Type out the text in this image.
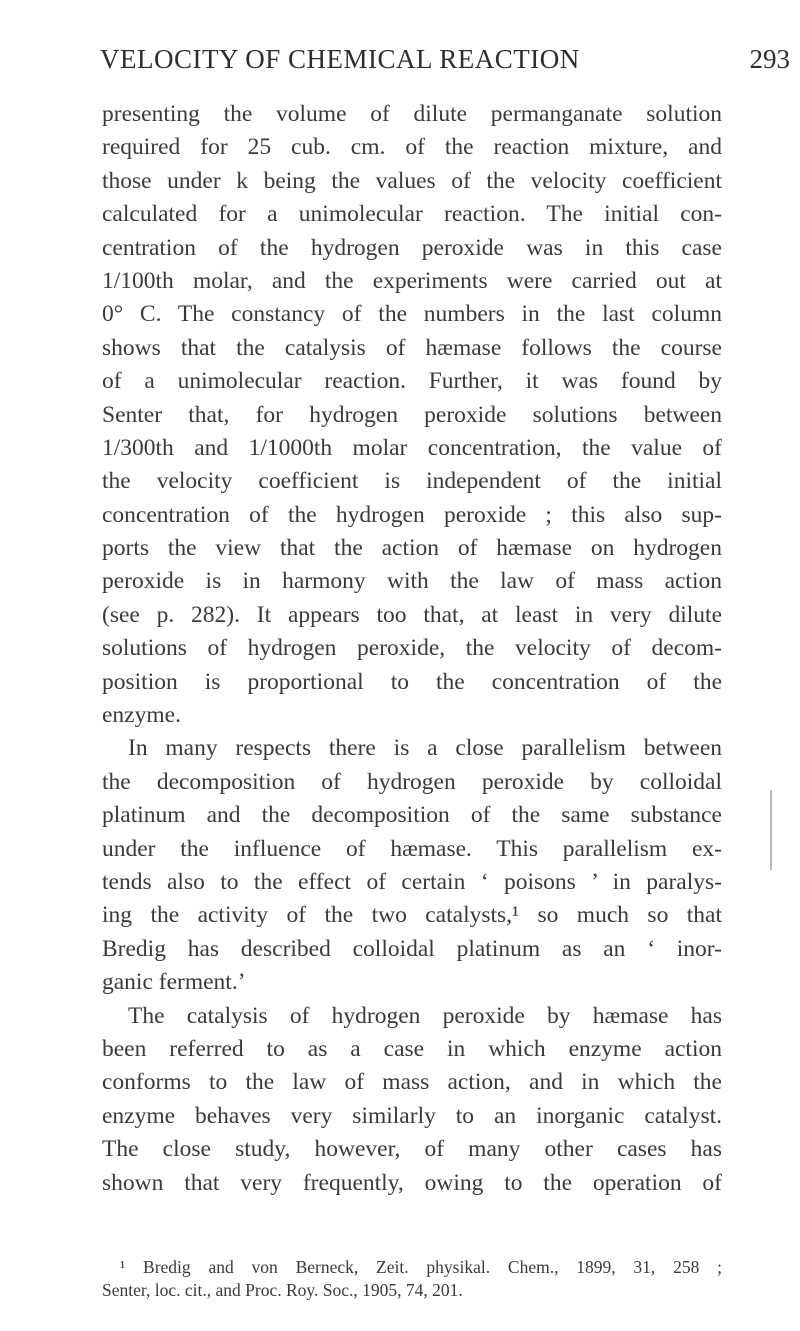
VELOCITY OF CHEMICAL REACTION	293
presenting the volume of dilute permanganate solution
required for 25 cub. cm. of the reaction mixture, and
those under k being the values of the velocity coefficient
calculated for a unimolecular reaction. The initial con-
centration of the hydrogen peroxide was in this case
1/100th molar, and the experiments were carried out at
0° C. The constancy of the numbers in the last column
shows that the catalysis of hæmase follows the course
of a unimolecular reaction. Further, it was found by
Senter that, for hydrogen peroxide solutions between
1/300th and 1/1000th molar concentration, the value of
the velocity coefficient is independent of the initial
concentration of the hydrogen peroxide ; this also sup-
ports the view that the action of hæmase on hydrogen
peroxide is in harmony with the law of mass action
(see p. 282). It appears too that, at least in very dilute
solutions of hydrogen peroxide, the velocity of decom-
position is proportional to the concentration of the
enzyme.
In many respects there is a close parallelism between
the decomposition of hydrogen peroxide by colloidal
platinum and the decomposition of the same substance
under the influence of hæmase. This parallelism ex-
tends also to the effect of certain ‘ poisons ’ in paralys-
ing the activity of the two catalysts,¹ so much so that
Bredig has described colloidal platinum as an ‘ inor-
ganic ferment.’
The catalysis of hydrogen peroxide by hæmase has
been referred to as a case in which enzyme action
conforms to the law of mass action, and in which the
enzyme behaves very similarly to an inorganic catalyst.
The close study, however, of many other cases has
shown that very frequently, owing to the operation of
¹ Bredig and von Berneck, Zeit. physikal. Chem., 1899, 31, 258 ;
Senter, loc. cit., and Proc. Roy. Soc., 1905, 74, 201.
